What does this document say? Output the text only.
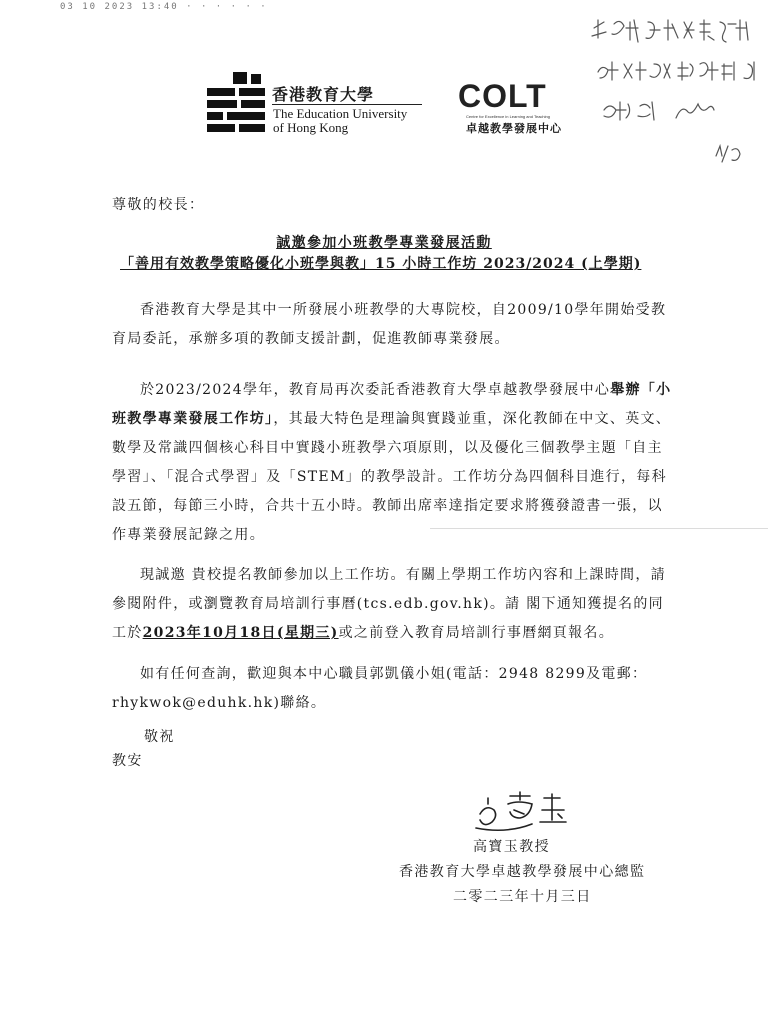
03 10 2023 13:40 · · · · · ·
香港教育大學
The Education University
of Hong Kong
COLT
Centre for Excellence in Learning and Teaching
卓越教學發展中心
尊敬的校長：
誠邀參加小班教學專業發展活動
「善用有效教學策略優化小班學與教」15 小時工作坊 2023/2024 (上學期)
香港教育大學是其中一所發展小班教學的大專院校，自2009/10學年開始受教育局委託，承辦多項的教師支援計劃，促進教師專業發展。
於2023/2024學年，教育局再次委託香港教育大學卓越教學發展中心舉辦「小班教學專業發展工作坊」，其最大特色是理論與實踐並重，深化教師在中文、英文、數學及常識四個核心科目中實踐小班教學六項原則，以及優化三個教學主題「自主學習」、「混合式學習」及「STEM」的教學設計。工作坊分為四個科目進行，每科設五節，每節三小時，合共十五小時。教師出席率達指定要求將獲發證書一張，以作專業發展記錄之用。
現誠邀 貴校提名教師參加以上工作坊。有關上學期工作坊內容和上課時間，請參閱附件，或瀏覽教育局培訓行事曆(tcs.edb.gov.hk)。請 閣下通知獲提名的同工於2023年10月18日(星期三)或之前登入教育局培訓行事曆網頁報名。
如有任何查詢，歡迎與本中心職員郭凱儀小姐(電話：2948 8299及電郵：rhykwok@eduhk.hk)聯絡。
敬祝
教安
高寶玉教授
香港教育大學卓越教學發展中心總監
二零二三年十月三日
